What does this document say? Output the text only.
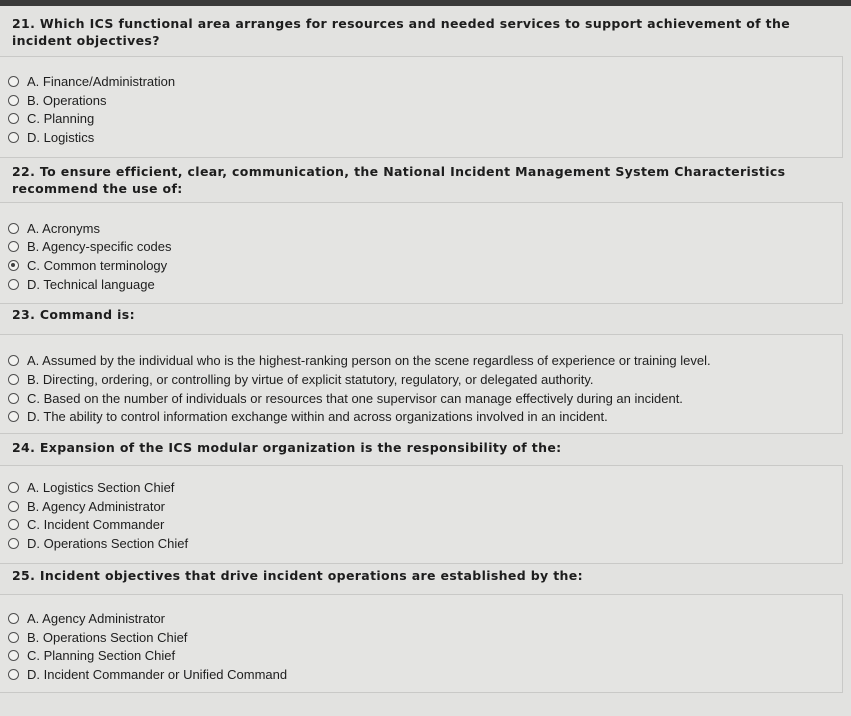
21. Which ICS functional area arranges for resources and needed services to support achievement of the incident objectives?
A. Finance/Administration
B. Operations
C. Planning
D. Logistics
22. To ensure efficient, clear, communication, the National Incident Management System Characteristics recommend the use of:
A. Acronyms
B. Agency-specific codes
C. Common terminology
D. Technical language
23. Command is:
A. Assumed by the individual who is the highest-ranking person on the scene regardless of experience or training level.
B. Directing, ordering, or controlling by virtue of explicit statutory, regulatory, or delegated authority.
C. Based on the number of individuals or resources that one supervisor can manage effectively during an incident.
D. The ability to control information exchange within and across organizations involved in an incident.
24. Expansion of the ICS modular organization is the responsibility of the:
A. Logistics Section Chief
B. Agency Administrator
C. Incident Commander
D. Operations Section Chief
25. Incident objectives that drive incident operations are established by the:
A. Agency Administrator
B. Operations Section Chief
C. Planning Section Chief
D. Incident Commander or Unified Command
